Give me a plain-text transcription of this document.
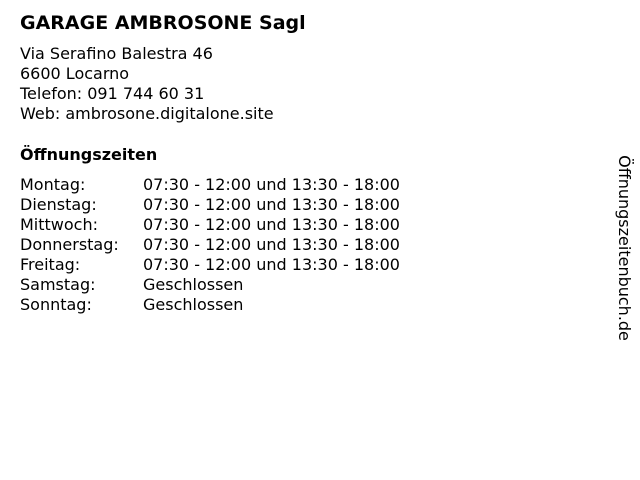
GARAGE AMBROSONE Sagl
Via Serafino Balestra 46
6600 Locarno
Telefon: 091 744 60 31
Web: ambrosone.digitalone.site
Öffnungszeiten
Montag:	07:30 - 12:00 und 13:30 - 18:00
Dienstag:	07:30 - 12:00 und 13:30 - 18:00
Mittwoch:	07:30 - 12:00 und 13:30 - 18:00
Donnerstag: 07:30 - 12:00 und 13:30 - 18:00
Freitag:	07:30 - 12:00 und 13:30 - 18:00
Samstag:	Geschlossen
Sonntag:	Geschlossen	Öffnungszeitenbuch.de
